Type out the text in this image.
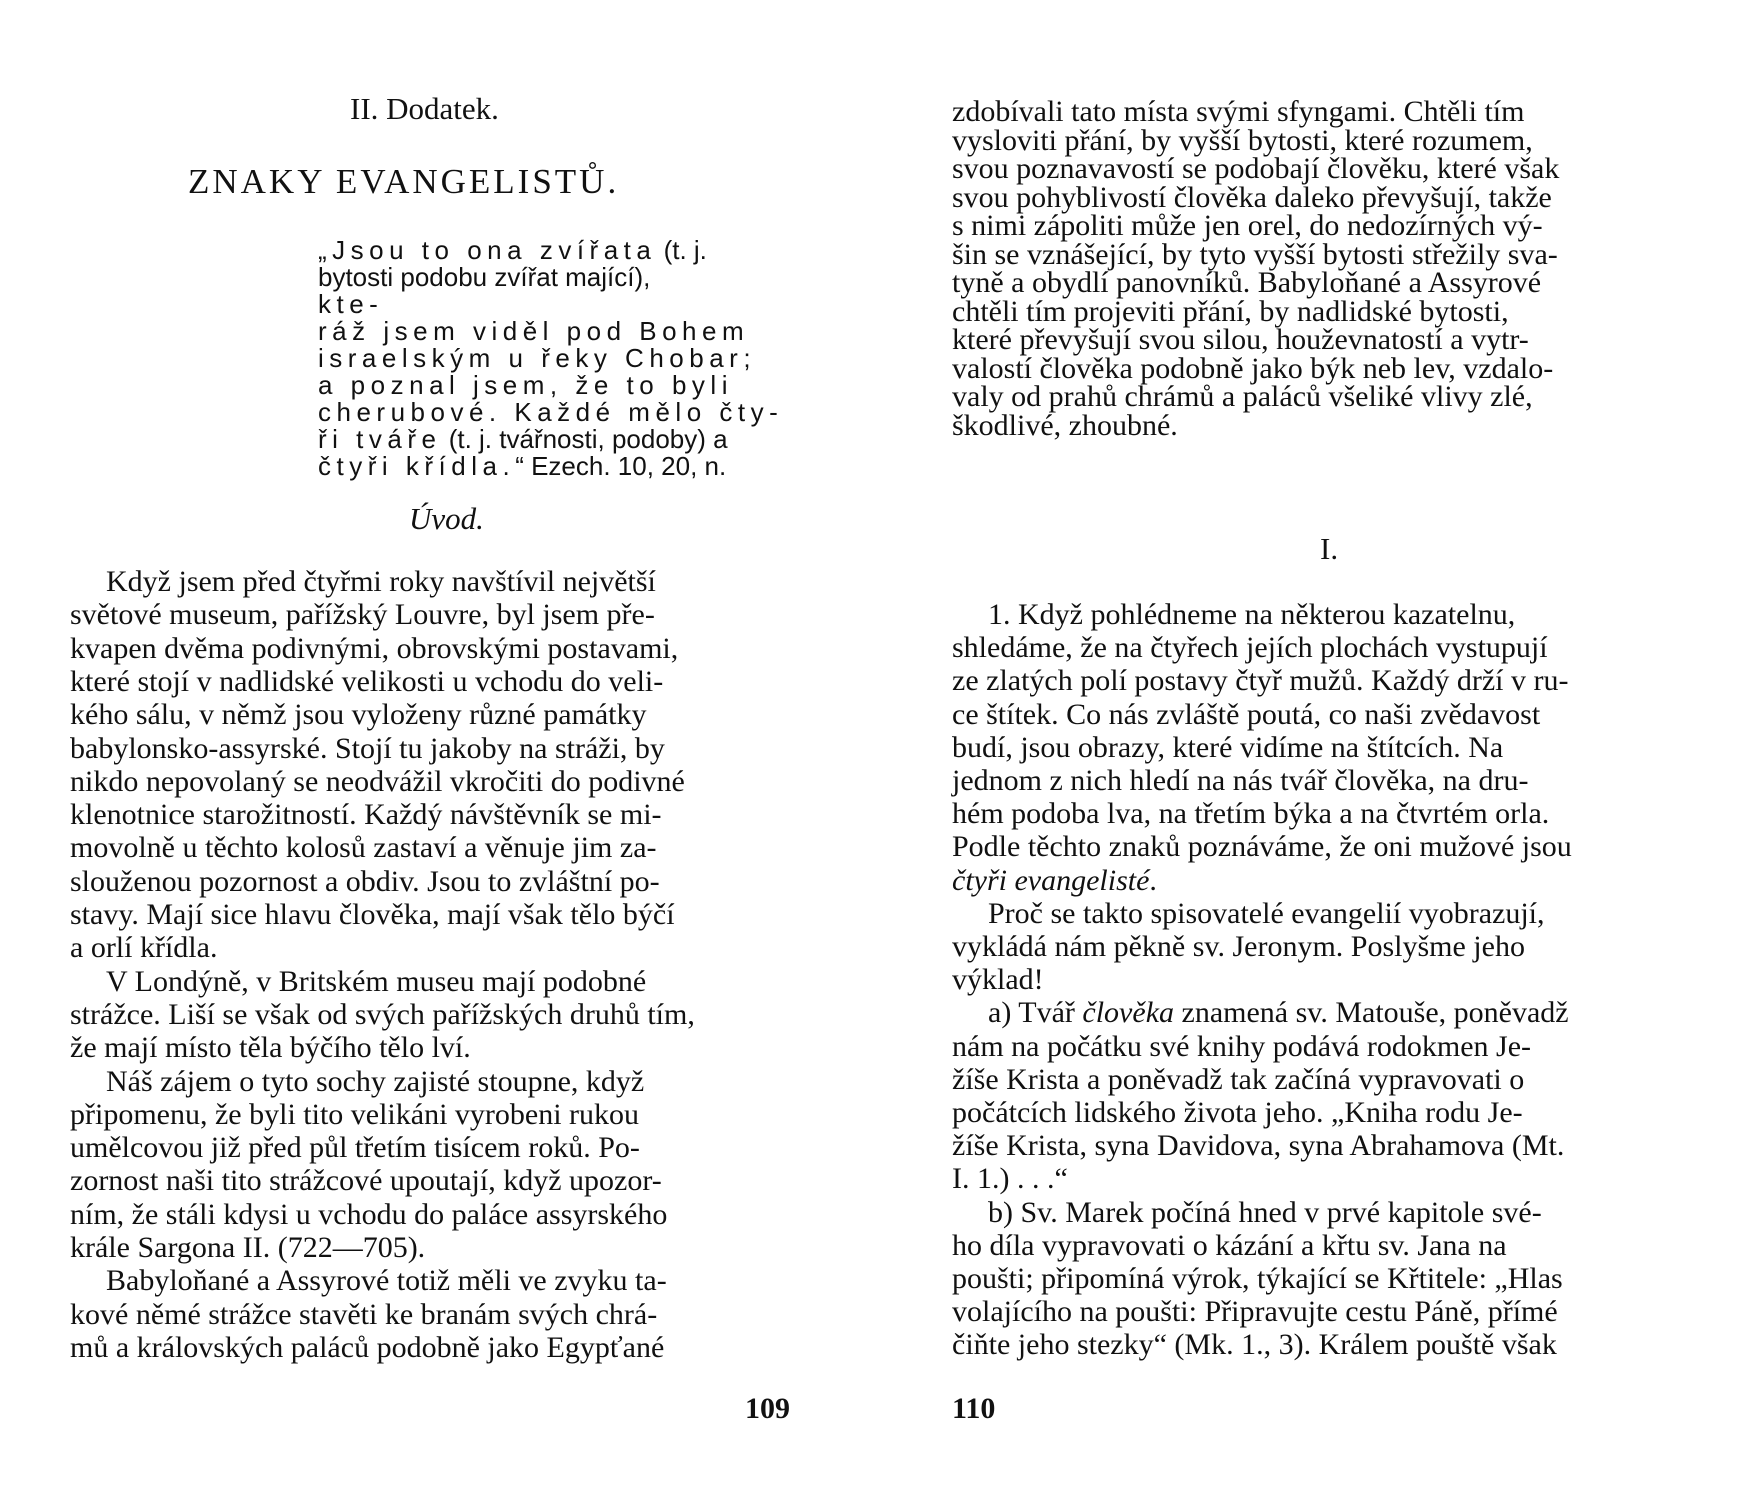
II. Dodatek.
ZNAKY EVANGELISTŮ.
„Jsou to ona zvířata (t. j.
bytosti podobu zvířat mající),
kte-
ráž jsem viděl pod Bohem
israelským u řeky Chobar;
a poznal jsem, že to byli
cherubové. Každé mělo čty-
ři tváře (t. j. tvářnosti, podoby) a
čtyři křídla.“ Ezech. 10, 20, n.
Úvod.
Když jsem před čtyřmi roky navštívil největší
světové museum, pařížský Louvre, byl jsem pře-
kvapen dvěma podivnými, obrovskými postavami,
které stojí v nadlidské velikosti u vchodu do veli-
kého sálu, v němž jsou vyloženy různé památky
babylonsko-assyrské. Stojí tu jakoby na stráži, by
nikdo nepovolaný se neodvážil vkročiti do podivné
klenotnice starožitností. Každý návštěvník se mi-
movolně u těchto kolosů zastaví a věnuje jim za-
slouženou pozornost a obdiv. Jsou to zvláštní po-
stavy. Mají sice hlavu člověka, mají však tělo býčí
a orlí křídla.
V Londýně, v Britském museu mají podobné
strážce. Liší se však od svých pařížských druhů tím,
že mají místo těla býčího tělo lví.
Náš zájem o tyto sochy zajisté stoupne, když
připomenu, že byli tito velikáni vyrobeni rukou
umělcovou již před půl třetím tisícem roků. Po-
zornost naši tito strážcové upoutají, když upozor-
ním, že stáli kdysi u vchodu do paláce assyrského
krále Sargona II. (722—705).
Babyloňané a Assyrové totiž měli ve zvyku ta-
kové němé strážce stavěti ke branám svých chrá-
mů a královských paláců podobně jako Egypťané
109
zdobívali tato místa svými sfyngami. Chtěli tím
vysloviti přání, by vyšší bytosti, které rozumem,
svou poznavavostí se podobají člověku, které však
svou pohyblivostí člověka daleko převyšují, takže
s nimi zápoliti může jen orel, do nedozírných vý-
šin se vznášející, by tyto vyšší bytosti střežily sva-
tyně a obydlí panovníků. Babyloňané a Assyrové
chtěli tím projeviti přání, by nadlidské bytosti,
které převyšují svou silou, houževnatostí a vytr-
valostí člověka podobně jako býk neb lev, vzdalo-
valy od prahů chrámů a paláců všeliké vlivy zlé,
škodlivé, zhoubné.
I.
1. Když pohlédneme na některou kazatelnu,
shledáme, že na čtyřech jejích plochách vystupují
ze zlatých polí postavy čtyř mužů. Každý drží v ru-
ce štítek. Co nás zvláště poutá, co naši zvědavost
budí, jsou obrazy, které vidíme na štítcích. Na
jednom z nich hledí na nás tvář člověka, na dru-
hém podoba lva, na třetím býka a na čtvrtém orla.
Podle těchto znaků poznáváme, že oni mužové jsou
čtyři evangelisté.
Proč se takto spisovatelé evangelií vyobrazují,
vykládá nám pěkně sv. Jeronym. Poslyšme jeho
výklad!
a) Tvář člověka znamená sv. Matouše, poněvadž
nám na počátku své knihy podává rodokmen Je-
žíše Krista a poněvadž tak začíná vypravovati o
počátcích lidského života jeho. „Kniha rodu Je-
žíše Krista, syna Davidova, syna Abrahamova (Mt.
I. 1.) . . .“
b) Sv. Marek počíná hned v prvé kapitole své-
ho díla vypravovati o kázání a křtu sv. Jana na
poušti; připomíná výrok, týkající se Křtitele: „Hlas
volajícího na poušti: Připravujte cestu Páně, přímé
čiňte jeho stezky“ (Mk. 1., 3). Králem pouště však
110
